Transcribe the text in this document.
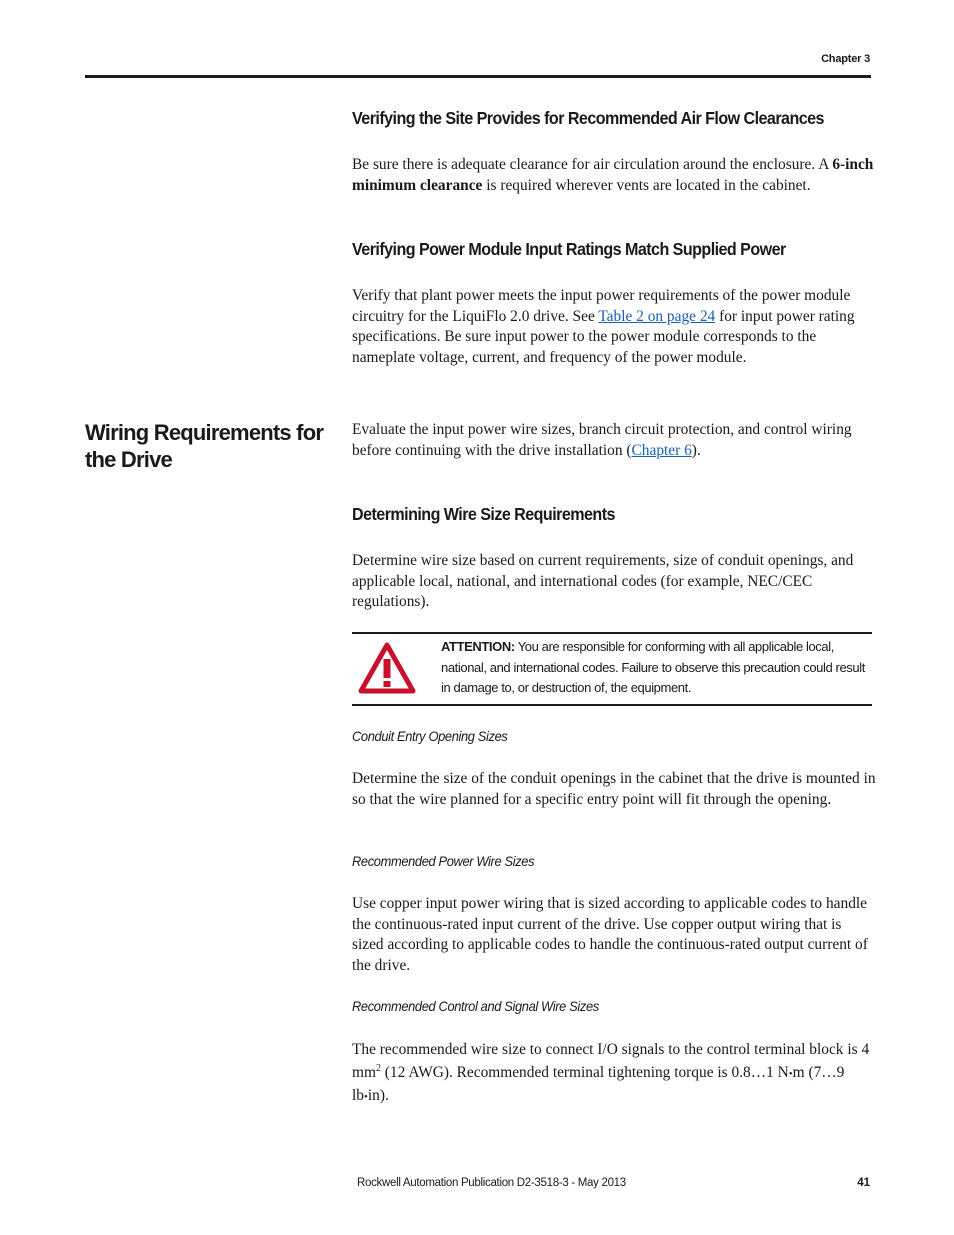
Chapter 3
Verifying the Site Provides for Recommended Air Flow Clearances
Be sure there is adequate clearance for air circulation around the enclosure. A 6-inch minimum clearance is required wherever vents are located in the cabinet.
Verifying Power Module Input Ratings Match Supplied Power
Verify that plant power meets the input power requirements of the power module circuitry for the LiquiFlo 2.0 drive. See Table 2 on page 24 for input power rating specifications. Be sure input power to the power module corresponds to the nameplate voltage, current, and frequency of the power module.
Wiring Requirements for the Drive
Evaluate the input power wire sizes, branch circuit protection, and control wiring before continuing with the drive installation (Chapter 6).
Determining Wire Size Requirements
Determine wire size based on current requirements, size of conduit openings, and applicable local, national, and international codes (for example, NEC/CEC regulations).
ATTENTION: You are responsible for conforming with all applicable local, national, and international codes. Failure to observe this precaution could result in damage to, or destruction of, the equipment.
Conduit Entry Opening Sizes
Determine the size of the conduit openings in the cabinet that the drive is mounted in so that the wire planned for a specific entry point will fit through the opening.
Recommended Power Wire Sizes
Use copper input power wiring that is sized according to applicable codes to handle the continuous-rated input current of the drive. Use copper output wiring that is sized according to applicable codes to handle the continuous-rated output current of the drive.
Recommended Control and Signal Wire Sizes
The recommended wire size to connect I/O signals to the control terminal block is 4 $mm^2$ (12 AWG). Recommended terminal tightening torque is 0.8…1 N•m (7…9 lb•in).
Rockwell Automation Publication D2-3518-3 - May 2013	41
